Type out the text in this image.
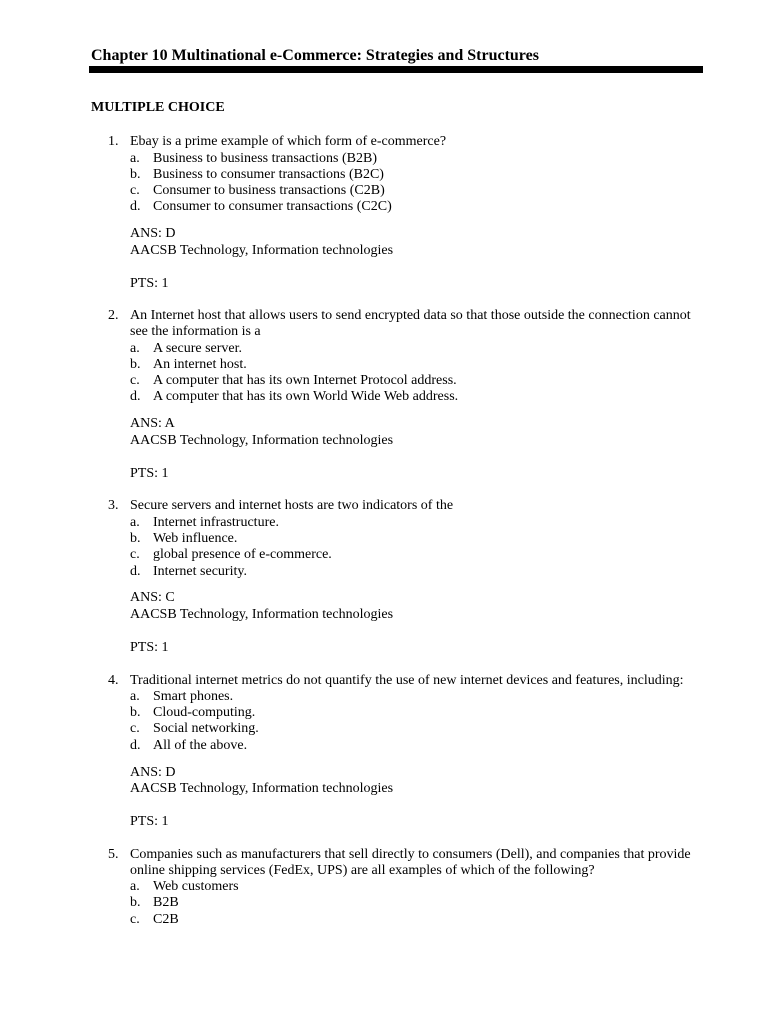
Chapter 10 Multinational e-Commerce: Strategies and Structures
MULTIPLE CHOICE
1. Ebay is a prime example of which form of e-commerce?
a. Business to business transactions (B2B)
b. Business to consumer transactions (B2C)
c. Consumer to business transactions (C2B)
d. Consumer to consumer transactions (C2C)
ANS: D
AACSB Technology, Information technologies
PTS: 1
2. An Internet host that allows users to send encrypted data so that those outside the connection cannot
see the information is a
a. A secure server.
b. An internet host.
c. A computer that has its own Internet Protocol address.
d. A computer that has its own World Wide Web address.
ANS: A
AACSB Technology, Information technologies
PTS: 1
3. Secure servers and internet hosts are two indicators of the
a. Internet infrastructure.
b. Web influence.
c. global presence of e-commerce.
d. Internet security.
ANS: C
AACSB Technology, Information technologies
PTS: 1
4. Traditional internet metrics do not quantify the use of new internet devices and features, including:
a. Smart phones.
b. Cloud-computing.
c. Social networking.
d. All of the above.
ANS: D
AACSB Technology, Information technologies
PTS: 1
5. Companies such as manufacturers that sell directly to consumers (Dell), and companies that provide
online shipping services (FedEx, UPS) are all examples of which of the following?
a. Web customers
b. B2B
c. C2B
